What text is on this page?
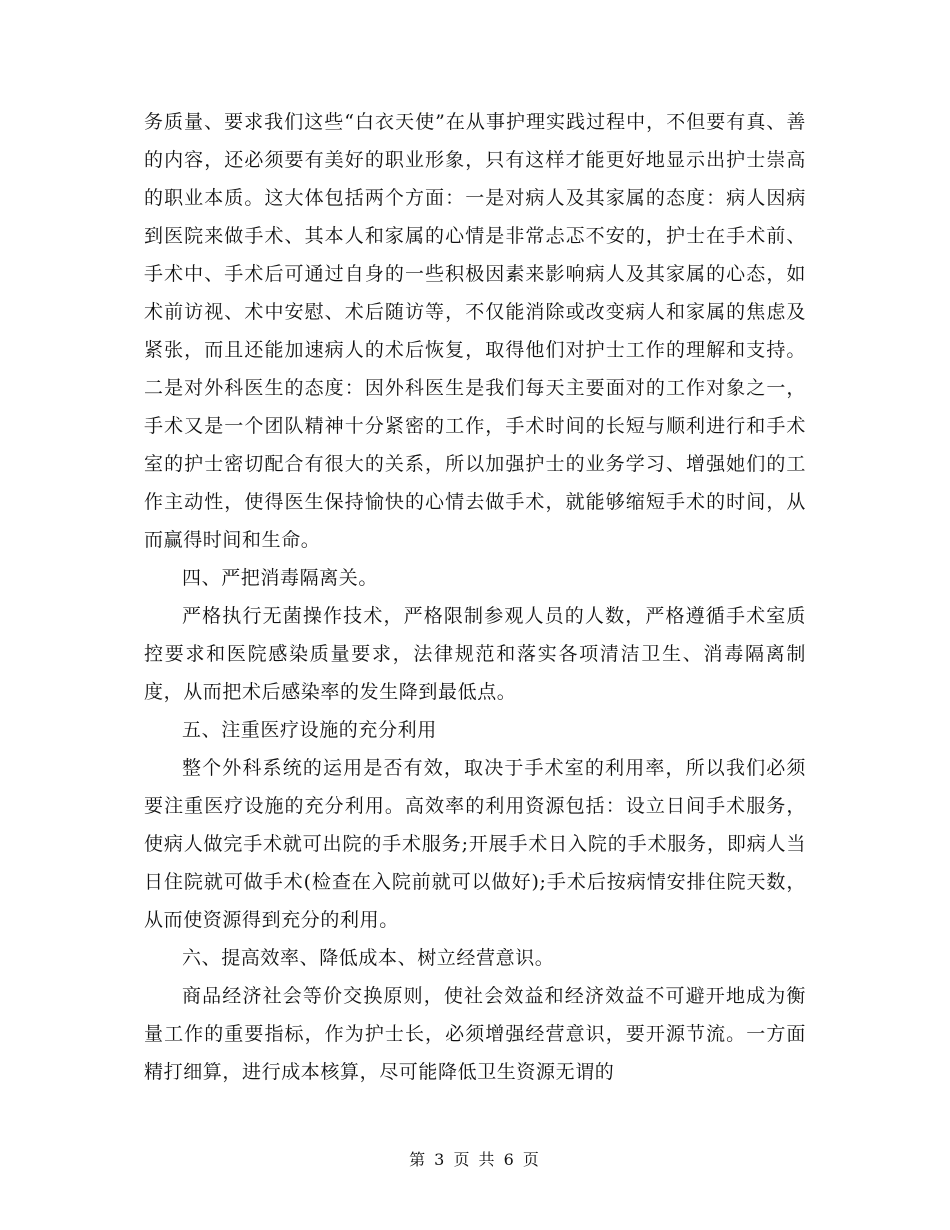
务质量、要求我们这些“白衣天使”在从事护理实践过程中，不但要有真、善的内容，还必须要有美好的职业形象，只有这样才能更好地显示出护士崇高的职业本质。这大体包括两个方面：一是对病人及其家属的态度：病人因病到医院来做手术、其本人和家属的心情是非常忐忑不安的，护士在手术前、手术中、手术后可通过自身的一些积极因素来影响病人及其家属的心态，如术前访视、术中安慰、术后随访等，不仅能消除或改变病人和家属的焦虑及紧张，而且还能加速病人的术后恢复，取得他们对护士工作的理解和支持。二是对外科医生的态度：因外科医生是我们每天主要面对的工作对象之一，手术又是一个团队精神十分紧密的工作，手术时间的长短与顺利进行和手术室的护士密切配合有很大的关系，所以加强护士的业务学习、增强她们的工作主动性，使得医生保持愉快的心情去做手术，就能够缩短手术的时间，从而赢得时间和生命。

四、严把消毒隔离关。

严格执行无菌操作技术，严格限制参观人员的人数，严格遵循手术室质控要求和医院感染质量要求，法律规范和落实各项清洁卫生、消毒隔离制度，从而把术后感染率的发生降到最低点。

五、注重医疗设施的充分利用

整个外科系统的运用是否有效，取决于手术室的利用率，所以我们必须要注重医疗设施的充分利用。高效率的利用资源包括：设立日间手术服务，使病人做完手术就可出院的手术服务;开展手术日入院的手术服务，即病人当日住院就可做手术(检查在入院前就可以做好);手术后按病情安排住院天数，从而使资源得到充分的利用。

六、提高效率、降低成本、树立经营意识。

商品经济社会等价交换原则，使社会效益和经济效益不可避开地成为衡量工作的重要指标，作为护士长，必须增强经营意识，要开源节流。一方面精打细算，进行成本核算，尽可能降低卫生资源无谓的

第 3 页 共 6 页
